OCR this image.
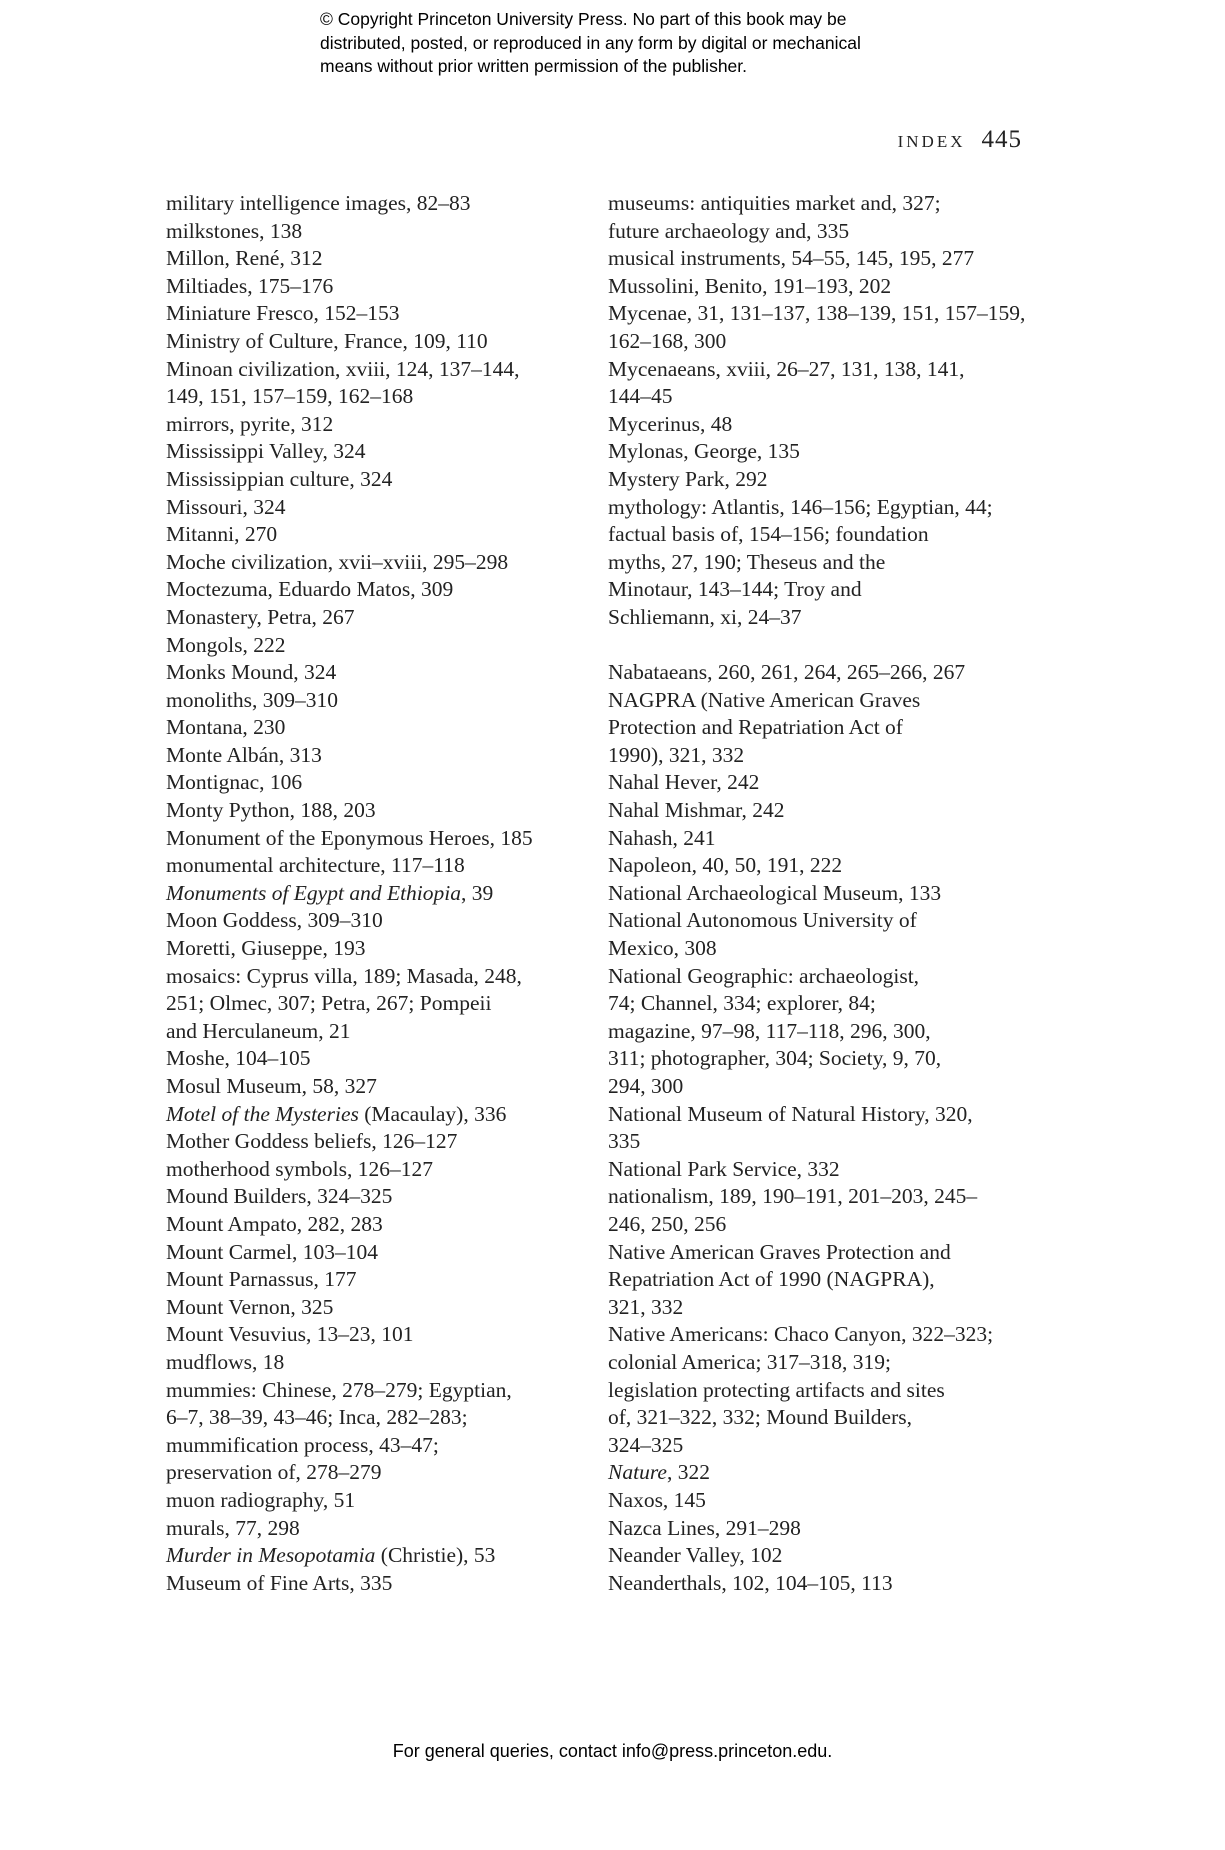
© Copyright Princeton University Press. No part of this book may be
distributed, posted, or reproduced in any form by digital or mechanical
means without prior written permission of the publisher.
INDEX 445
military intelligence images, 82–83
milkstones, 138
Millon, René, 312
Miltiades, 175–176
Miniature Fresco, 152–153
Ministry of Culture, France, 109, 110
Minoan civilization, xviii, 124, 137–144,
149, 151, 157–159, 162–168
mirrors, pyrite, 312
Mississippi Valley, 324
Mississippian culture, 324
Missouri, 324
Mitanni, 270
Moche civilization, xvii–xviii, 295–298
Moctezuma, Eduardo Matos, 309
Monastery, Petra, 267
Mongols, 222
Monks Mound, 324
monoliths, 309–310
Montana, 230
Monte Albán, 313
Montignac, 106
Monty Python, 188, 203
Monument of the Eponymous Heroes, 185
monumental architecture, 117–118
Monuments of Egypt and Ethiopia, 39
Moon Goddess, 309–310
Moretti, Giuseppe, 193
mosaics: Cyprus villa, 189; Masada, 248,
251; Olmec, 307; Petra, 267; Pompeii
and Herculaneum, 21
Moshe, 104–105
Mosul Museum, 58, 327
Motel of the Mysteries (Macaulay), 336
Mother Goddess beliefs, 126–127
motherhood symbols, 126–127
Mound Builders, 324–325
Mount Ampato, 282, 283
Mount Carmel, 103–104
Mount Parnassus, 177
Mount Vernon, 325
Mount Vesuvius, 13–23, 101
mudflows, 18
mummies: Chinese, 278–279; Egyptian,
6–7, 38–39, 43–46; Inca, 282–283;
mummification process, 43–47;
preservation of, 278–279
muon radiography, 51
murals, 77, 298
Murder in Mesopotamia (Christie), 53
Museum of Fine Arts, 335
museums: antiquities market and, 327;
future archaeology and, 335
musical instruments, 54–55, 145, 195, 277
Mussolini, Benito, 191–193, 202
Mycenae, 31, 131–137, 138–139, 151, 157–159,
162–168, 300
Mycenaeans, xviii, 26–27, 131, 138, 141,
144–45
Mycerinus, 48
Mylonas, George, 135
Mystery Park, 292
mythology: Atlantis, 146–156; Egyptian, 44;
factual basis of, 154–156; foundation
myths, 27, 190; Theseus and the
Minotaur, 143–144; Troy and
Schliemann, xi, 24–37
Nabataeans, 260, 261, 264, 265–266, 267
NAGPRA (Native American Graves
Protection and Repatriation Act of
1990), 321, 332
Nahal Hever, 242
Nahal Mishmar, 242
Nahash, 241
Napoleon, 40, 50, 191, 222
National Archaeological Museum, 133
National Autonomous University of
Mexico, 308
National Geographic: archaeologist,
74; Channel, 334; explorer, 84;
magazine, 97–98, 117–118, 296, 300,
311; photographer, 304; Society, 9, 70,
294, 300
National Museum of Natural History, 320,
335
National Park Service, 332
nationalism, 189, 190–191, 201–203, 245–
246, 250, 256
Native American Graves Protection and
Repatriation Act of 1990 (NAGPRA),
321, 332
Native Americans: Chaco Canyon, 322–323;
colonial America; 317–318, 319;
legislation protecting artifacts and sites
of, 321–322, 332; Mound Builders,
324–325
Nature, 322
Naxos, 145
Nazca Lines, 291–298
Neander Valley, 102
Neanderthals, 102, 104–105, 113
For general queries, contact info@press.princeton.edu.
